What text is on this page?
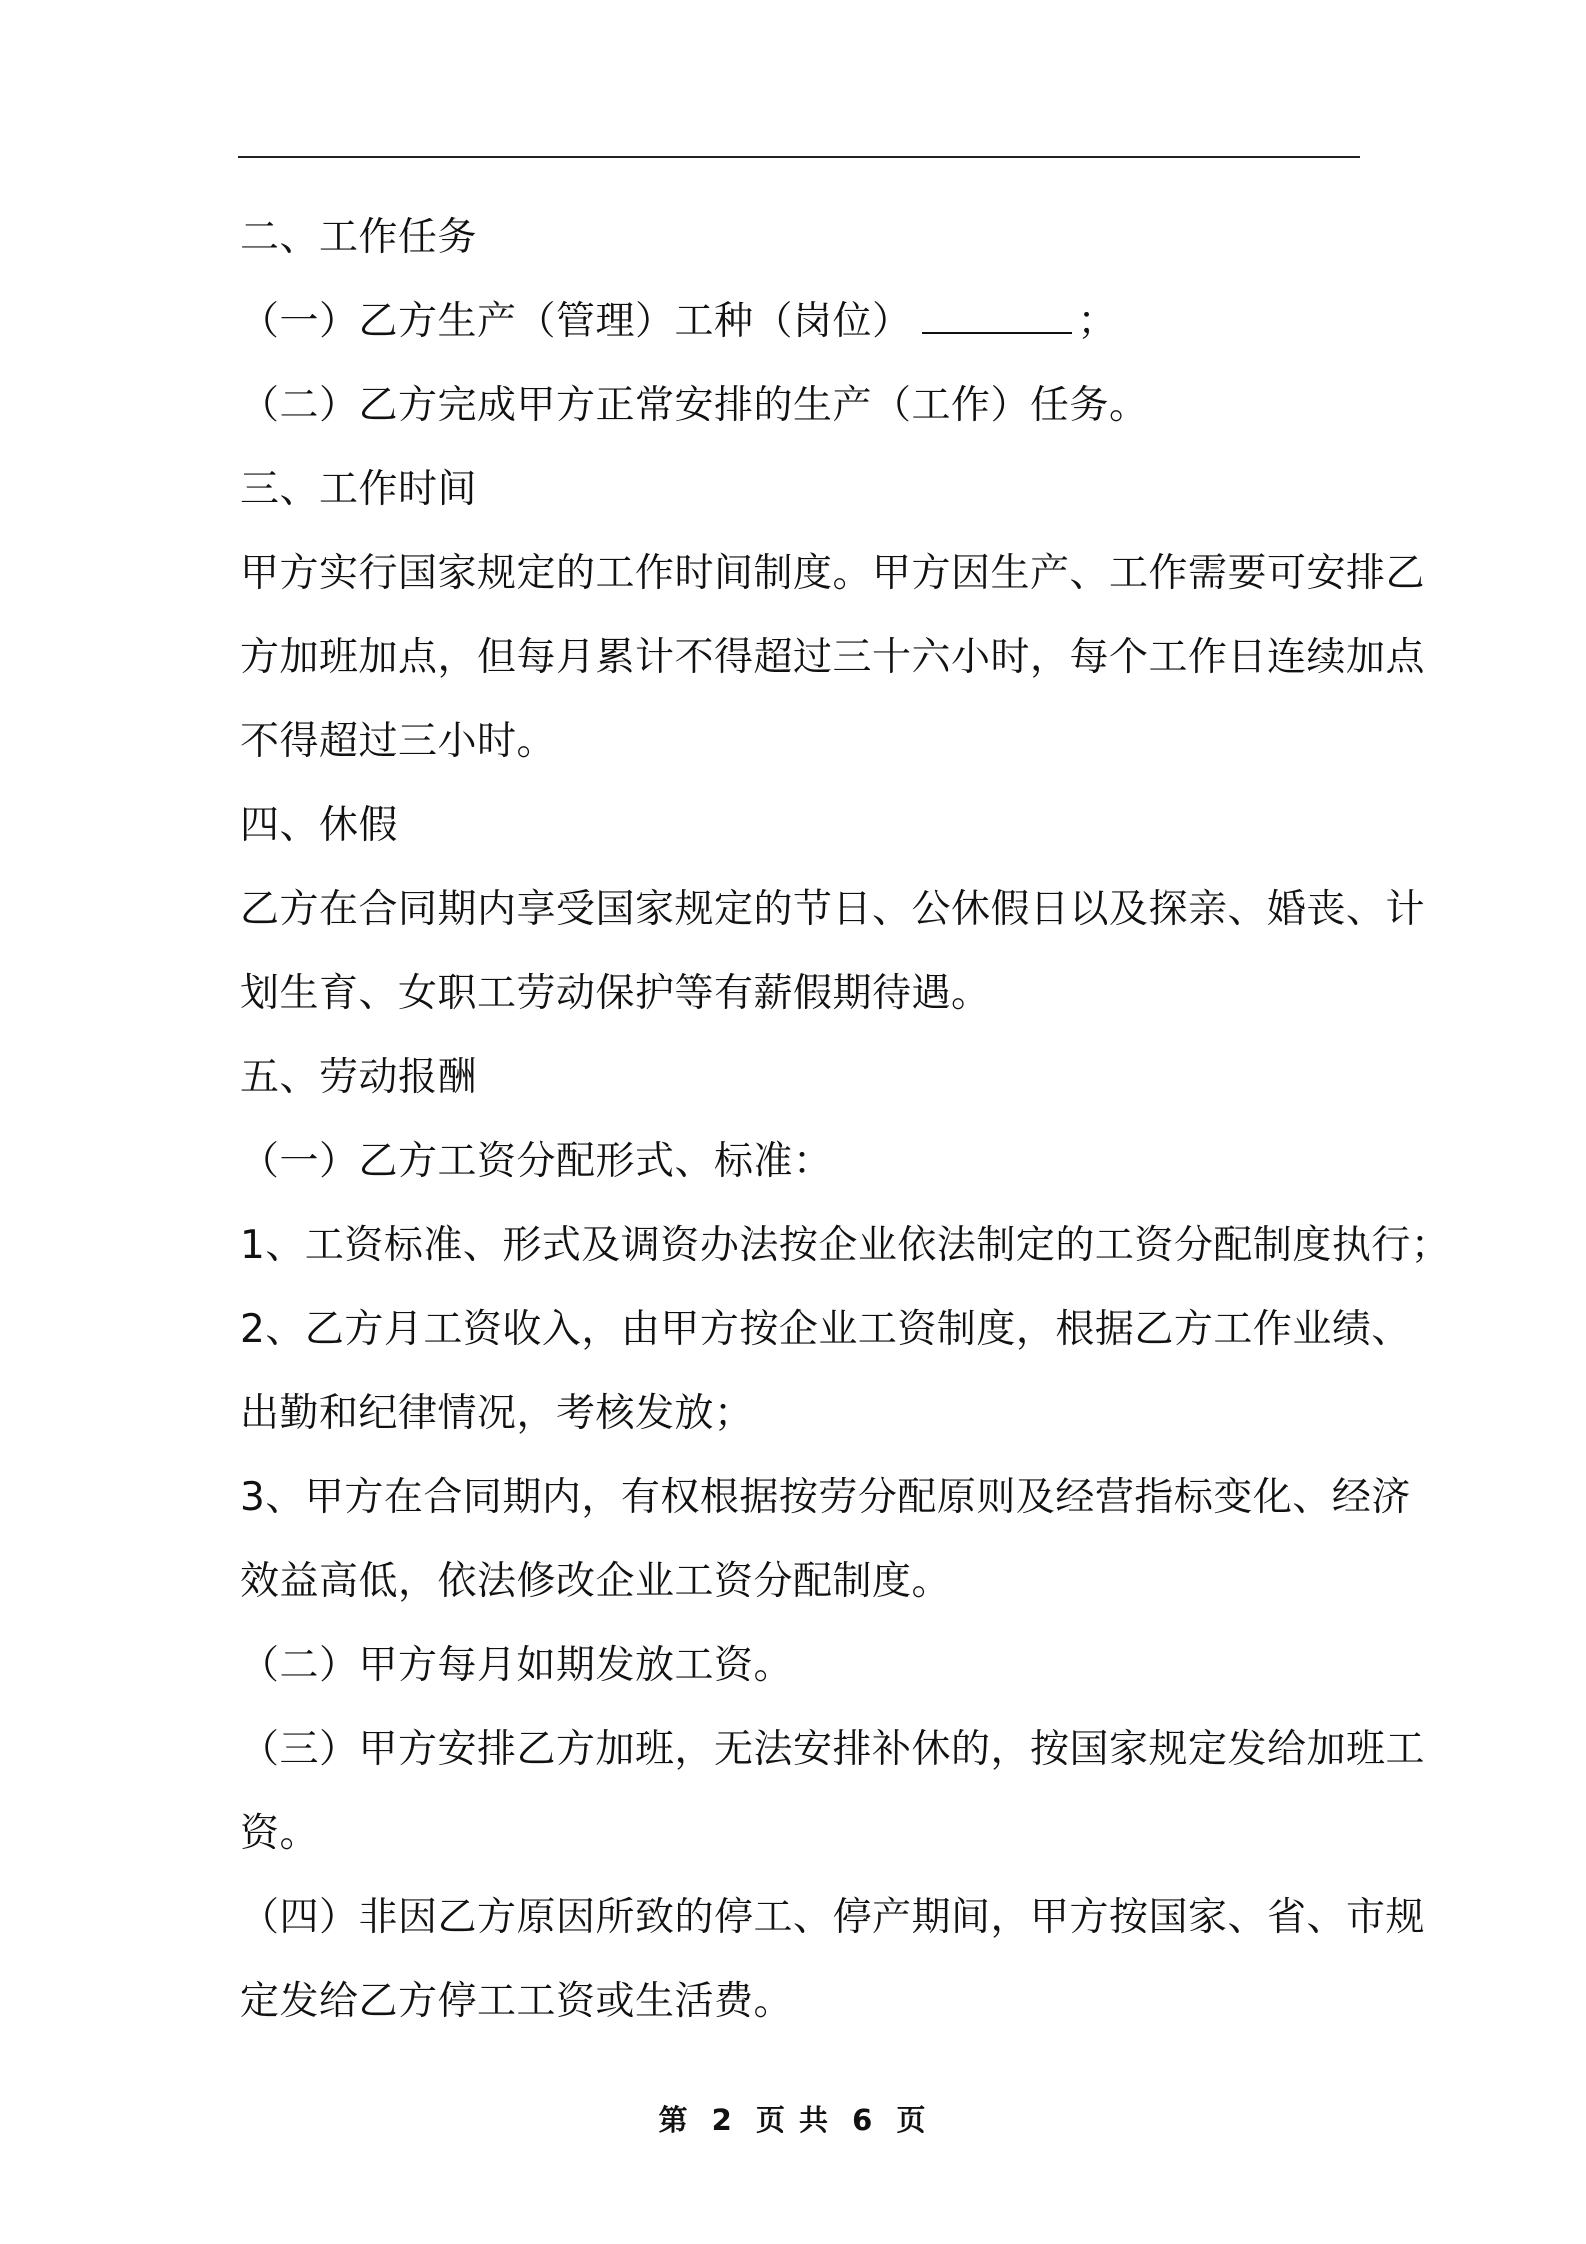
二、工作任务
（一）乙方生产（管理）工种（岗位）	；
（二）乙方完成甲方正常安排的生产（工作）任务。
三、工作时间
甲方实行国家规定的工作时间制度。甲方因生产、工作需要可安排乙
方加班加点，但每月累计不得超过三十六小时，每个工作日连续加点
不得超过三小时。
四、休假
乙方在合同期内享受国家规定的节日、公休假日以及探亲、婚丧、计
划生育、女职工劳动保护等有薪假期待遇。
五、劳动报酬
（一）乙方工资分配形式、标准：
1、工资标准、形式及调资办法按企业依法制定的工资分配制度执行；
2、乙方月工资收入，由甲方按企业工资制度，根据乙方工作业绩、
出勤和纪律情况，考核发放；
3、甲方在合同期内，有权根据按劳分配原则及经营指标变化、经济
效益高低，依法修改企业工资分配制度。
（二）甲方每月如期发放工资。
（三）甲方安排乙方加班，无法安排补休的，按国家规定发给加班工
资。
（四）非因乙方原因所致的停工、停产期间，甲方按国家、省、市规
定发给乙方停工工资或生活费。
第 2 页 共 6 页
